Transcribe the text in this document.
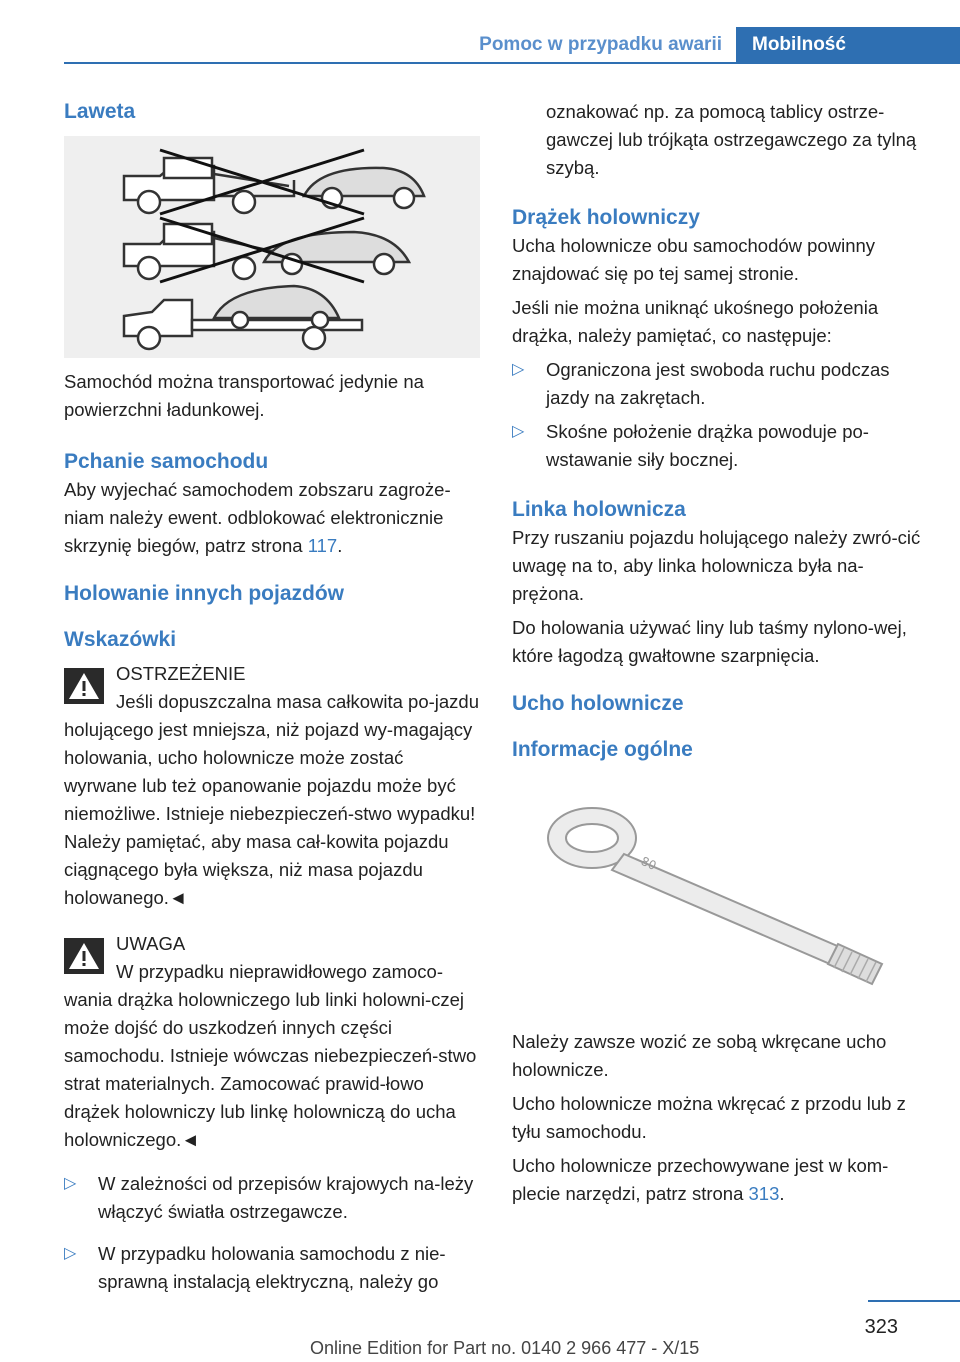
Pomoc w przypadku awarii	Mobilność
Laweta

Samochód można transportować jedynie na powierzchni ładunkowej.

Pchanie samochodu

Aby wyjechać samochodem zobszaru zagroże-niam należy ewent. odblokować elektronicznie skrzynię biegów, patrz strona 117.

Holowanie innych pojazdów
Wskazówki
OSTRZEŻENIE

Jeśli dopuszczalna masa całkowita po-jazdu holującego jest mniejsza, niż pojazd wy-magający holowania, ucho holownicze może zostać wyrwane lub też opanowanie pojazdu może być niemożliwe. Istnieje niebezpieczeń-stwo wypadku! Należy pamiętać, aby masa cał-kowita pojazdu ciągnącego była większa, niż masa pojazdu holowanego.◄

UWAGA

W przypadku nieprawidłowego zamoco-wania drążka holowniczego lub linki holowni-czej może dojść do uszkodzeń innych części samochodu. Istnieje wówczas niebezpieczeń-stwo strat materialnych. Zamocować prawid-łowo drążek holowniczy lub linkę holowniczą do ucha holowniczego.◄

▷ W zależności od przepisów krajowych na-leży włączyć światła ostrzegawcze.
▷ W przypadku holowania samochodu z nie-sprawną instalacją elektryczną, należy go

oznakować np. za pomocą tablicy ostrze-gawczej lub trójkąta ostrzegawczego za tylną szybą.

Drążek holowniczy

Ucha holownicze obu samochodów powinny znajdować się po tej samej stronie.

Jeśli nie można uniknąć ukośnego położenia drążka, należy pamiętać, co następuje:

▷ Ograniczona jest swoboda ruchu podczas jazdy na zakrętach.
▷ Skośne położenie drążka powoduje po-wstawanie siły bocznej.
Linka holownicza

Przy ruszaniu pojazdu holującego należy zwró-cić uwagę na to, aby linka holownicza była na-prężona.

Do holowania używać liny lub taśmy nylono-wej, które łagodzą gwałtowne szarpnięcia.

Ucho holownicze
Informacje ogólne
80

Należy zawsze wozić ze sobą wkręcane ucho holownicze.

Ucho holownicze można wkręcać z przodu lub z tyłu samochodu.

Ucho holownicze przechowywane jest w kom-plecie narzędzi, patrz strona 313.

323
Online Edition for Part no. 0140 2 966 477 - X/15
